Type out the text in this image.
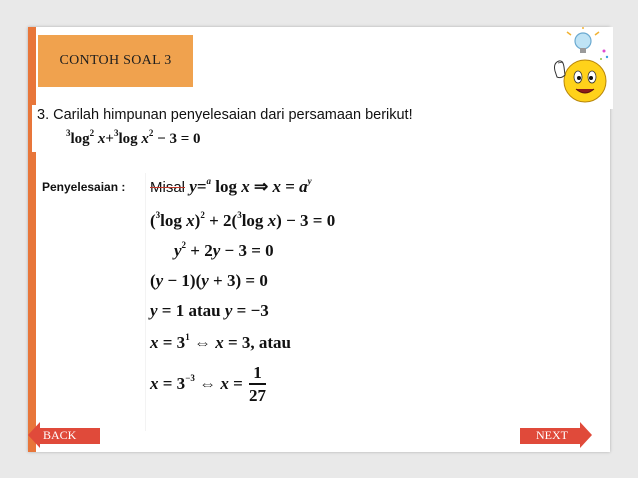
CONTOH SOAL 3
3. Carilah himpunan penyelesaian dari persamaan berikut!
$^3\log^2$ x+$^3$log $x^2 - 3 = 0$
Penyelesaian : Misal y=$^a$ log x ⇒ $x = a^y$
($^3$log x)$^2$ + 2($^3$log x) − 3 = 0
$y^2 + 2y - 3 = 0$
(y − 1)(y + 3) = 0
y = 1 atau y = −3
$x = 3^1$ ⇔ x = 3, atau
$x = 3^{-3}$ ⇔ $x = \frac{1}{27}$
BACK	NEXT
